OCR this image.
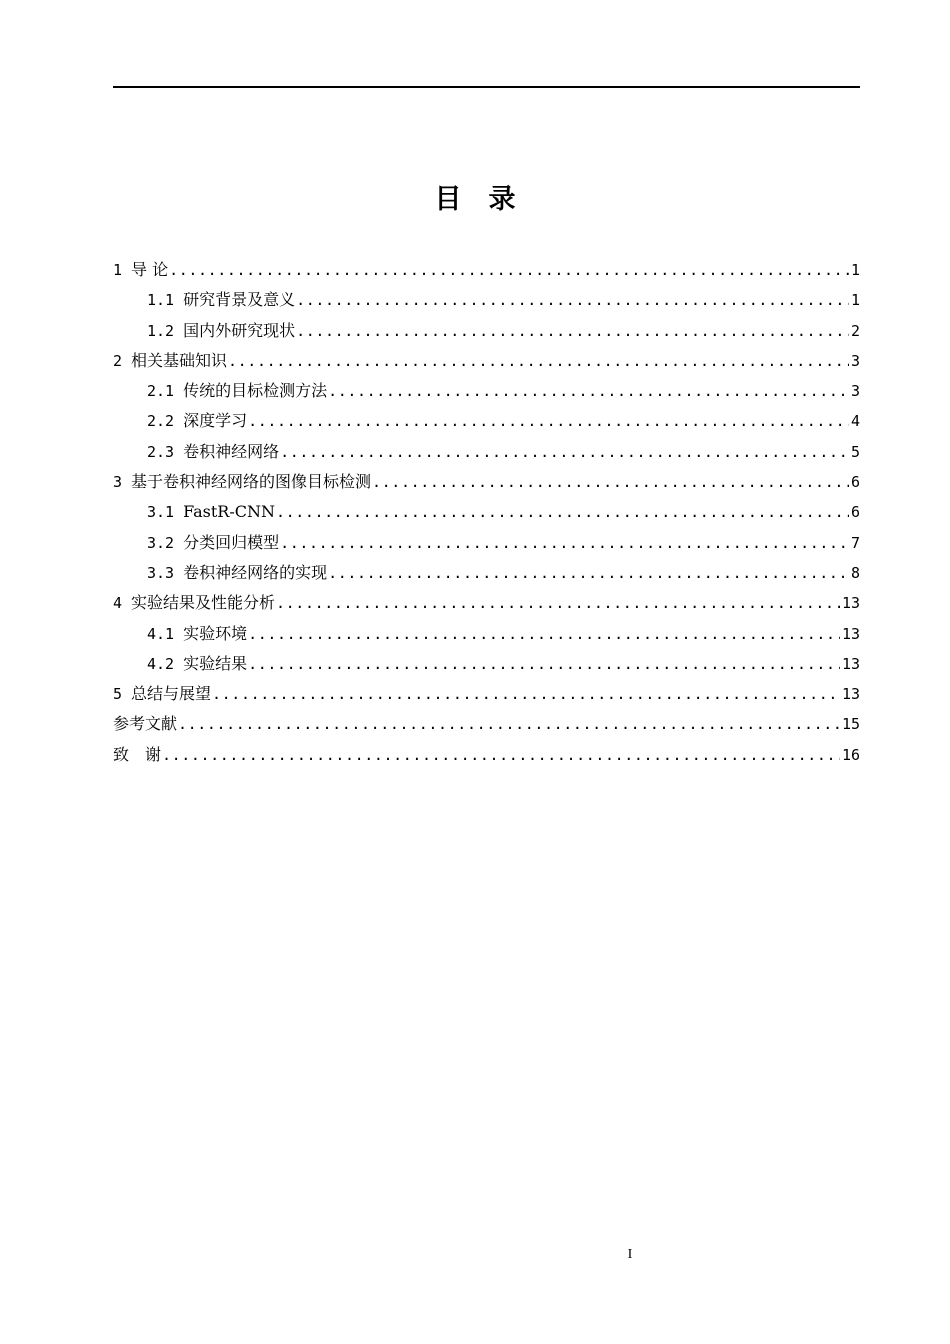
目　录
1 导 论 .....	1
1.1 研究背景及意义 .....	1
1.2 国内外研究现状 .....	2
2 相关基础知识 .....	3
2.1 传统的目标检测方法 .....	3
2.2 深度学习 .....	4
2.3 卷积神经网络 .....	5
3 基于卷积神经网络的图像目标检测 .....	6
3.1 FastR-CNN .....	6
3.2 分类回归模型 .....	7
3.3 卷积神经网络的实现 .....	8
4 实验结果及性能分析 .....	13
4.1 实验环境 .....	13
4.2 实验结果 .....	13
5 总结与展望 .....	13
参考文献 .....	15
致　谢 .....	16
I
